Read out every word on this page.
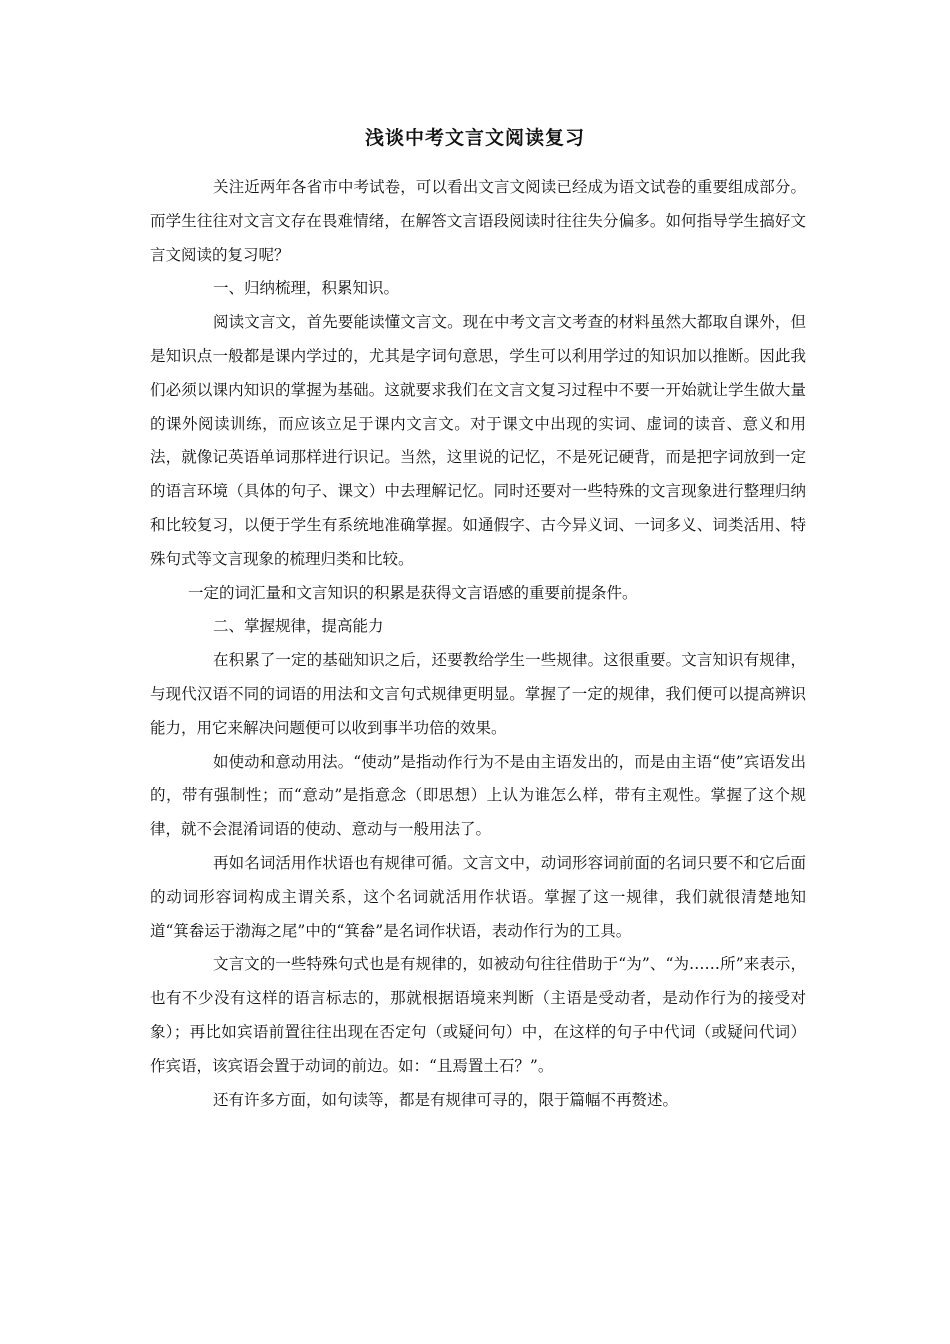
浅谈中考文言文阅读复习

关注近两年各省市中考试卷，可以看出文言文阅读已经成为语文试卷的重要组成部分。而学生往往对文言文存在畏难情绪，在解答文言语段阅读时往往失分偏多。如何指导学生搞好文言文阅读的复习呢？

一、归纳梳理，积累知识。

阅读文言文，首先要能读懂文言文。现在中考文言文考查的材料虽然大都取自课外，但是知识点一般都是课内学过的，尤其是字词句意思，学生可以利用学过的知识加以推断。因此我们必须以课内知识的掌握为基础。这就要求我们在文言文复习过程中不要一开始就让学生做大量的课外阅读训练，而应该立足于课内文言文。对于课文中出现的实词、虚词的读音、意义和用法，就像记英语单词那样进行识记。当然，这里说的记忆，不是死记硬背，而是把字词放到一定的语言环境（具体的句子、课文）中去理解记忆。同时还要对一些特殊的文言现象进行整理归纳和比较复习，以便于学生有系统地准确掌握。如通假字、古今异义词、一词多义、词类活用、特殊句式等文言现象的梳理归类和比较。

一定的词汇量和文言知识的积累是获得文言语感的重要前提条件。

二、掌握规律，提高能力

在积累了一定的基础知识之后，还要教给学生一些规律。这很重要。文言知识有规律，与现代汉语不同的词语的用法和文言句式规律更明显。掌握了一定的规律，我们便可以提高辨识能力，用它来解决问题便可以收到事半功倍的效果。

如使动和意动用法。“使动”是指动作行为不是由主语发出的，而是由主语“使”宾语发出的，带有强制性；而“意动”是指意念（即思想）上认为谁怎么样，带有主观性。掌握了这个规律，就不会混淆词语的使动、意动与一般用法了。

再如名词活用作状语也有规律可循。文言文中，动词形容词前面的名词只要不和它后面的动词形容词构成主谓关系，这个名词就活用作状语。掌握了这一规律，我们就很清楚地知道“箕畚运于渤海之尾”中的“箕畚”是名词作状语，表动作行为的工具。

文言文的一些特殊句式也是有规律的，如被动句往往借助于“为”、“为……所”来表示，也有不少没有这样的语言标志的，那就根据语境来判断（主语是受动者，是动作行为的接受对象）；再比如宾语前置往往出现在否定句（或疑问句）中，在这样的句子中代词（或疑问代词）作宾语，该宾语会置于动词的前边。如：“且焉置土石？”。

还有许多方面，如句读等，都是有规律可寻的，限于篇幅不再赘述。
